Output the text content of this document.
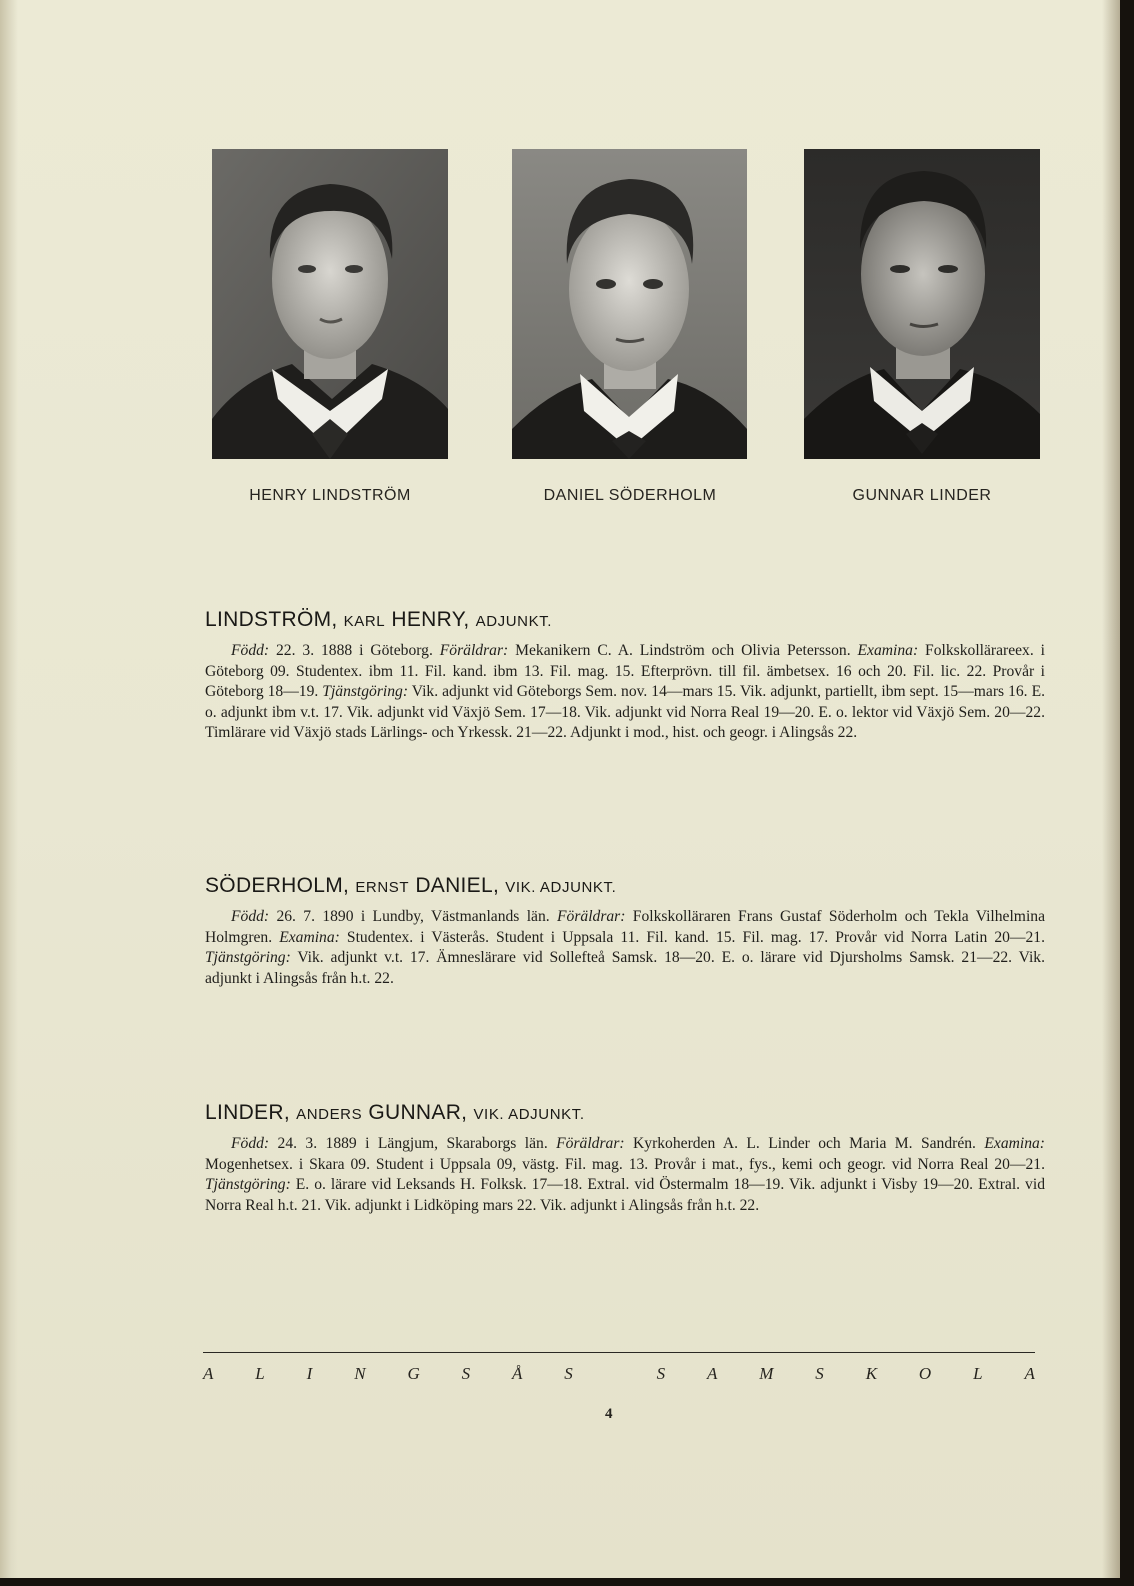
HENRY LINDSTRÖM	DANIEL SÖDERHOLM	GUNNAR LINDER
LINDSTRÖM, KARL HENRY, ADJUNKT.

Född: 22. 3. 1888 i Göteborg. Föräldrar: Mekanikern C. A. Lindström och Olivia Petersson. Examina: Folkskollärareex. i Göteborg 09. Studentex. ibm 11. Fil. kand. ibm 13. Fil. mag. 15. Efterprövn. till fil. ämbetsex. 16 och 20. Fil. lic. 22. Provår i Göteborg 18—19. Tjänstgöring: Vik. adjunkt vid Göteborgs Sem. nov. 14—mars 15. Vik. adjunkt, partiellt, ibm sept. 15—mars 16. E. o. adjunkt ibm v.t. 17. Vik. adjunkt vid Växjö Sem. 17—18. Vik. adjunkt vid Norra Real 19—20. E. o. lektor vid Växjö Sem. 20—22. Timlärare vid Växjö stads Lärlings- och Yrkessk. 21—22. Adjunkt i mod., hist. och geogr. i Alingsås 22.

SÖDERHOLM, ERNST DANIEL, VIK. ADJUNKT.

Född: 26. 7. 1890 i Lundby, Västmanlands län. Föräldrar: Folkskolläraren Frans Gustaf Söderholm och Tekla Vilhelmina Holmgren. Examina: Studentex. i Västerås. Student i Uppsala 11. Fil. kand. 15. Fil. mag. 17. Provår vid Norra Latin 20—21. Tjänstgöring: Vik. adjunkt v.t. 17. Ämneslärare vid Sollefteå Samsk. 18—20. E. o. lärare vid Djursholms Samsk. 21—22. Vik. adjunkt i Alingsås från h.t. 22.

LINDER, ANDERS GUNNAR, VIK. ADJUNKT.

Född: 24. 3. 1889 i Längjum, Skaraborgs län. Föräldrar: Kyrkoherden A. L. Linder och Maria M. Sandrén. Examina: Mogenhetsex. i Skara 09. Student i Uppsala 09, västg. Fil. mag. 13. Provår i mat., fys., kemi och geogr. vid Norra Real 20—21. Tjänstgöring: E. o. lärare vid Leksands H. Folksk. 17—18. Extral. vid Östermalm 18—19. Vik. adjunkt i Visby 19—20. Extral. vid Norra Real h.t. 21. Vik. adjunkt i Lidköping mars 22. Vik. adjunkt i Alingsås från h.t. 22.

A L I N G S Å S	S A M S K O L A
4
